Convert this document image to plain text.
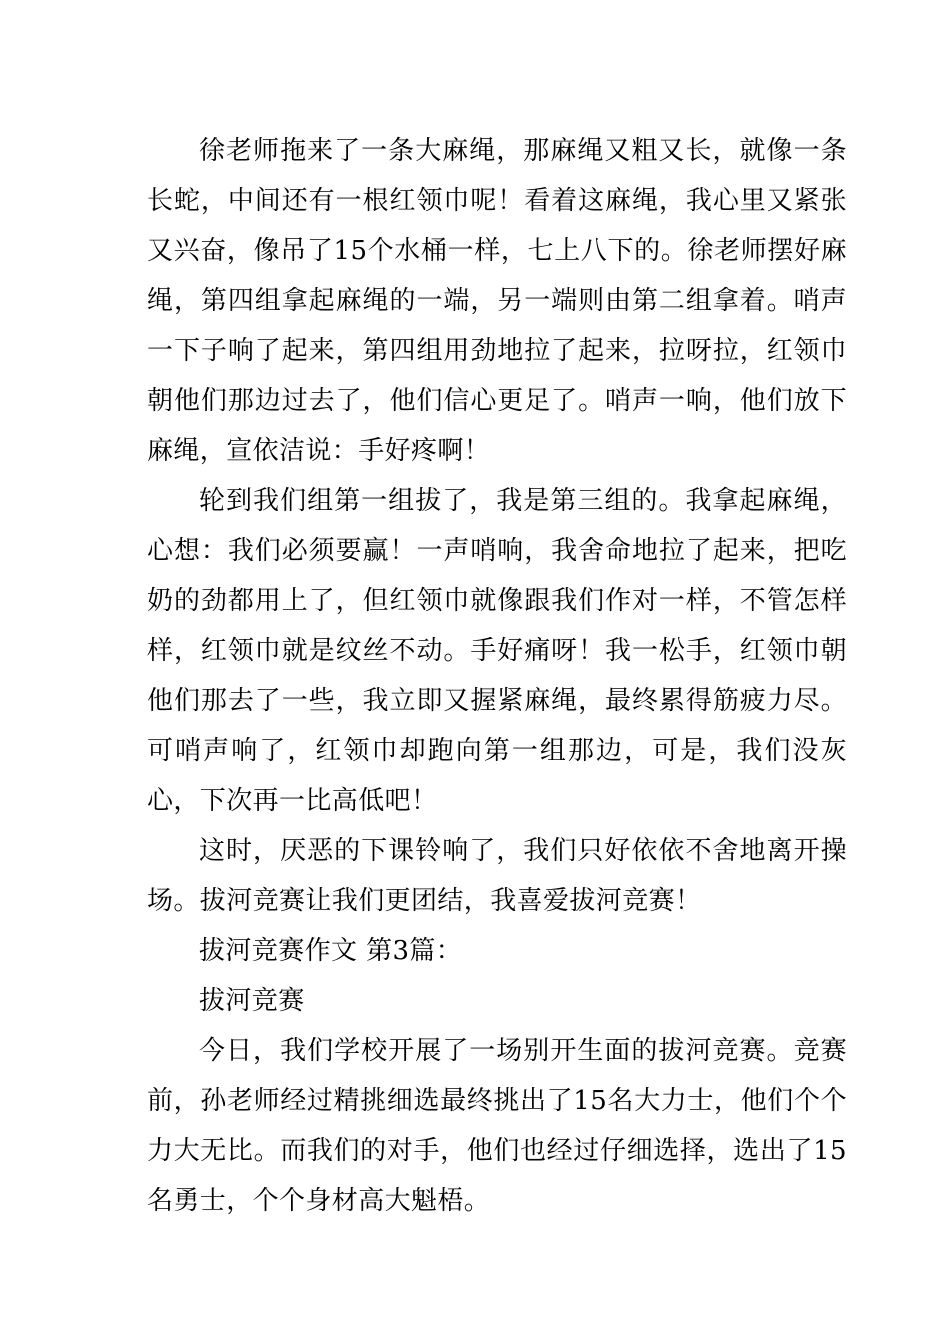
徐老师拖来了一条大麻绳，那麻绳又粗又长，就像一条长蛇，中间还有一根红领巾呢！看着这麻绳，我心里又紧张又兴奋，像吊了15个水桶一样，七上八下的。徐老师摆好麻绳，第四组拿起麻绳的一端，另一端则由第二组拿着。哨声一下子响了起来，第四组用劲地拉了起来，拉呀拉，红领巾朝他们那边过去了，他们信心更足了。哨声一响，他们放下麻绳，宣依洁说：手好疼啊！

轮到我们组第一组拔了，我是第三组的。我拿起麻绳，心想：我们必须要赢！一声哨响，我舍命地拉了起来，把吃奶的劲都用上了，但红领巾就像跟我们作对一样，不管怎样样，红领巾就是纹丝不动。手好痛呀！我一松手，红领巾朝他们那去了一些，我立即又握紧麻绳，最终累得筋疲力尽。可哨声响了，红领巾却跑向第一组那边，可是，我们没灰心，下次再一比高低吧！

这时，厌恶的下课铃响了，我们只好依依不舍地离开操场。拔河竞赛让我们更团结，我喜爱拔河竞赛！

拔河竞赛作文 第3篇：

拔河竞赛

今日，我们学校开展了一场别开生面的拔河竞赛。竞赛前，孙老师经过精挑细选最终挑出了15名大力士，他们个个力大无比。而我们的对手，他们也经过仔细选择，选出了15名勇士，个个身材高大魁梧。
